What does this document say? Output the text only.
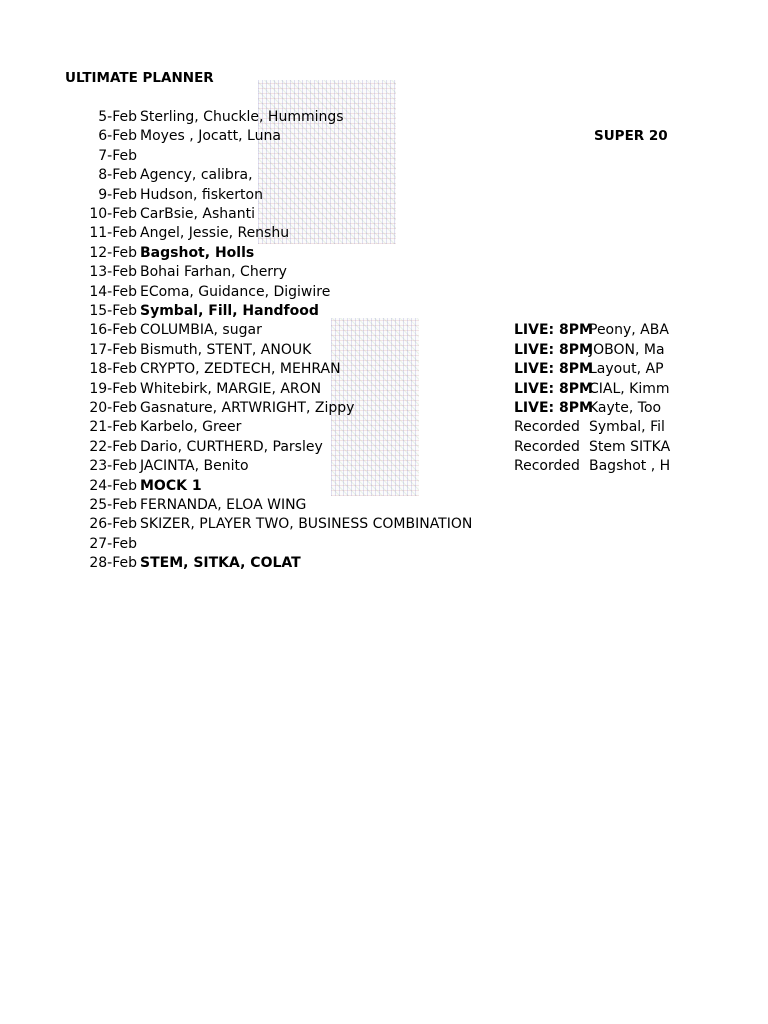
ULTIMATE PLANNER
5-Feb Sterling, Chuckle, Hummings
6-Feb Moyes , Jocatt, Luna
7-Feb
8-Feb Agency, calibra,
9-Feb Hudson, fiskerton
10-Feb CarBsie, Ashanti
11-Feb Angel, Jessie, Renshu
12-Feb Bagshot, Holls
13-Feb Bohai Farhan, Cherry
14-Feb EComa, Guidance, Digiwire
15-Feb Symbal, Fill, Handfood
16-Feb COLUMBIA, sugar
17-Feb Bismuth, STENT, ANOUK
18-Feb CRYPTO, ZEDTECH, MEHRAN
19-Feb Whitebirk, MARGIE, ARON
20-Feb Gasnature, ARTWRIGHT, Zippy
21-Feb Karbelo, Greer
22-Feb Dario, CURTHERD, Parsley
23-Feb JACINTA, Benito
24-Feb MOCK 1
25-Feb FERNANDA, ELOA WING
26-Feb SKIZER, PLAYER TWO, BUSINESS COMBINATION
27-Feb
28-Feb STEM, SITKA, COLAT
SUPER 20
LIVE: 8PM
Peony, ABA
LIVE: 8PM
JOBON, Ma
LIVE: 8PM
Layout, AP
LIVE: 8PM
CIAL, Kimm
LIVE: 8PM
Kayte, Too
Recorded Symbal, Fil
Recorded Stem SITKA
Recorded Bagshot , H
